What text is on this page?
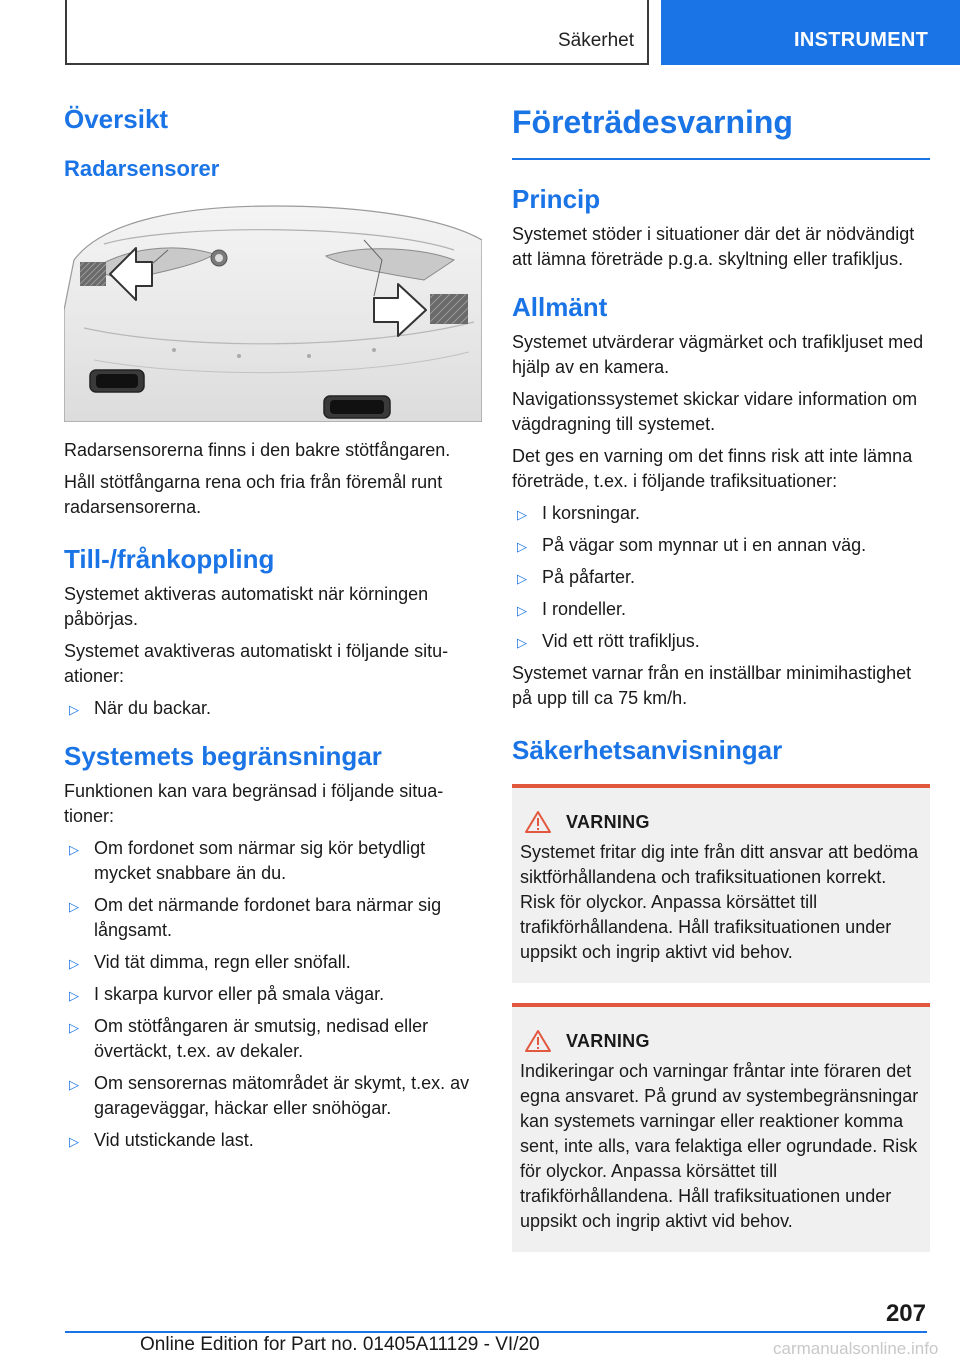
Säkerhet	INSTRUMENT
Översikt
Radarsensorer

Radarsensorerna finns i den bakre stötfångaren.

Håll stötfångarna rena och fria från föremål runt radarsensorerna.

Till-/frånkoppling

Systemet aktiveras automatiskt när körningen påbörjas.

Systemet avaktiveras automatiskt i följande situationer:

▷ När du backar.
Systemets begränsningar

Funktionen kan vara begränsad i följande situationer:

▷ Om fordonet som närmar sig kör betydligt mycket snabbare än du.
▷ Om det närmande fordonet bara närmar sig långsamt.
▷ Vid tät dimma, regn eller snöfall.
▷ I skarpa kurvor eller på smala vägar.
▷ Om stötfångaren är smutsig, nedisad eller övertäckt, t.ex. av dekaler.
▷ Om sensorernas mätområdet är skymt, t.ex. av garageväggar, häckar eller snöhögar.
▷ Vid utstickande last.
Företrädesvarning
Princip

Systemet stöder i situationer där det är nödvändigt att lämna företräde p.g.a. skyltning eller trafikljus.

Allmänt

Systemet utvärderar vägmärket och trafikljuset med hjälp av en kamera.

Navigationssystemet skickar vidare information om vägdragning till systemet.

Det ges en varning om det finns risk att inte lämna företräde, t.ex. i följande trafiksituationer:

▷ I korsningar.
▷ På vägar som mynnar ut i en annan väg.
▷ På påfarter.
▷ I rondeller.
▷ Vid ett rött trafikljus.

Systemet varnar från en inställbar minimihastighet på upp till ca 75 km/h.

Säkerhetsanvisningar
VARNING

Systemet fritar dig inte från ditt ansvar att bedöma siktförhållandena och trafiksituationen korrekt. Risk för olyckor. Anpassa körsättet till trafikförhållandena. Håll trafiksituationen under uppsikt och ingrip aktivt vid behov.

VARNING

Indikeringar och varningar fråntar inte föraren det egna ansvaret. På grund av systembegränsningar kan systemets varningar eller reaktioner komma sent, inte alls, vara felaktiga eller ogrundade. Risk för olyckor. Anpassa körsättet till trafikförhållandena. Håll trafiksituationen under uppsikt och ingrip aktivt vid behov.

207
Online Edition for Part no. 01405A11129 - VI/20	carmanualsonline.info
